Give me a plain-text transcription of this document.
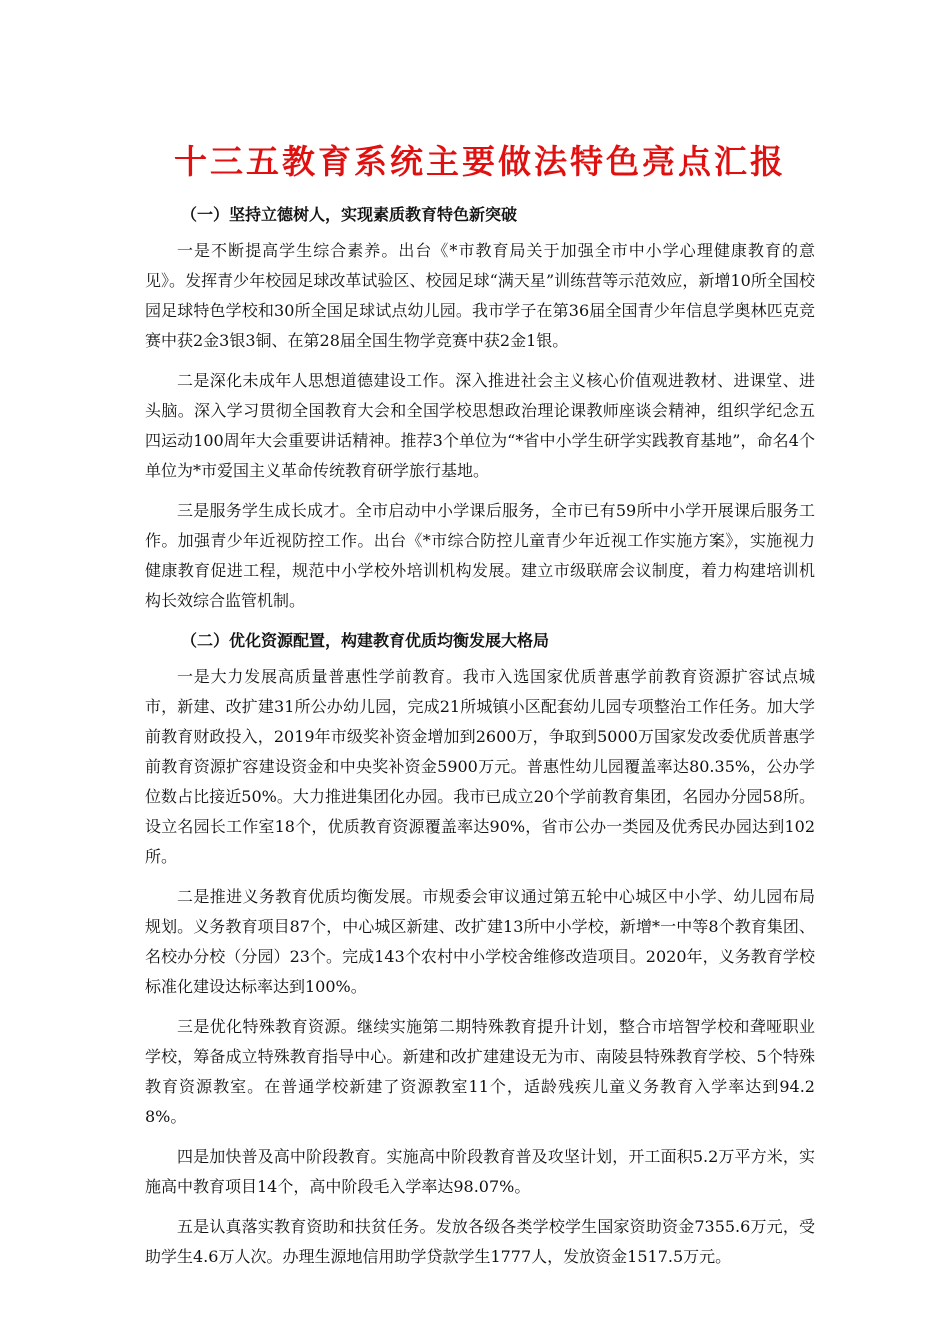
十三五教育系统主要做法特色亮点汇报
（一）坚持立德树人，实现素质教育特色新突破

一是不断提高学生综合素养。出台《*市教育局关于加强全市中小学心理健康教育的意见》。发挥青少年校园足球改革试验区、校园足球“满天星”训练营等示范效应，新增10所全国校园足球特色学校和30所全国足球试点幼儿园。我市学子在第36届全国青少年信息学奥林匹克竞赛中获2金3银3铜、在第28届全国生物学竞赛中获2金1银。

二是深化未成年人思想道德建设工作。深入推进社会主义核心价值观进教材、进课堂、进头脑。深入学习贯彻全国教育大会和全国学校思想政治理论课教师座谈会精神，组织学纪念五四运动100周年大会重要讲话精神。推荐3个单位为“*省中小学生研学实践教育基地”，命名4个单位为*市爱国主义革命传统教育研学旅行基地。

三是服务学生成长成才。全市启动中小学课后服务，全市已有59所中小学开展课后服务工作。加强青少年近视防控工作。出台《*市综合防控儿童青少年近视工作实施方案》，实施视力健康教育促进工程，规范中小学校外培训机构发展。建立市级联席会议制度，着力构建培训机构长效综合监管机制。

（二）优化资源配置，构建教育优质均衡发展大格局

一是大力发展高质量普惠性学前教育。我市入选国家优质普惠学前教育资源扩容试点城市，新建、改扩建31所公办幼儿园，完成21所城镇小区配套幼儿园专项整治工作任务。加大学前教育财政投入，2019年市级奖补资金增加到2600万，争取到5000万国家发改委优质普惠学前教育资源扩容建设资金和中央奖补资金5900万元。普惠性幼儿园覆盖率达80.35%，公办学位数占比接近50%。大力推进集团化办园。我市已成立20个学前教育集团，名园办分园58所。设立名园长工作室18个，优质教育资源覆盖率达90%，省市公办一类园及优秀民办园达到102所。

二是推进义务教育优质均衡发展。市规委会审议通过第五轮中心城区中小学、幼儿园布局规划。义务教育项目87个，中心城区新建、改扩建13所中小学校，新增*一中等8个教育集团、名校办分校（分园）23个。完成143个农村中小学校舍维修改造项目。2020年，义务教育学校标准化建设达标率达到100%。

三是优化特殊教育资源。继续实施第二期特殊教育提升计划，整合市培智学校和聋哑职业学校，筹备成立特殊教育指导中心。新建和改扩建建设无为市、南陵县特殊教育学校、5个特殊教育资源教室。在普通学校新建了资源教室11个，适龄残疾儿童义务教育入学率达到94.28%。

四是加快普及高中阶段教育。实施高中阶段教育普及攻坚计划，开工面积5.2万平方米，实施高中教育项目14个，高中阶段毛入学率达98.07%。

五是认真落实教育资助和扶贫任务。发放各级各类学校学生国家资助资金7355.6万元，受助学生4.6万人次。办理生源地信用助学贷款学生1777人，发放资金1517.5万元。
